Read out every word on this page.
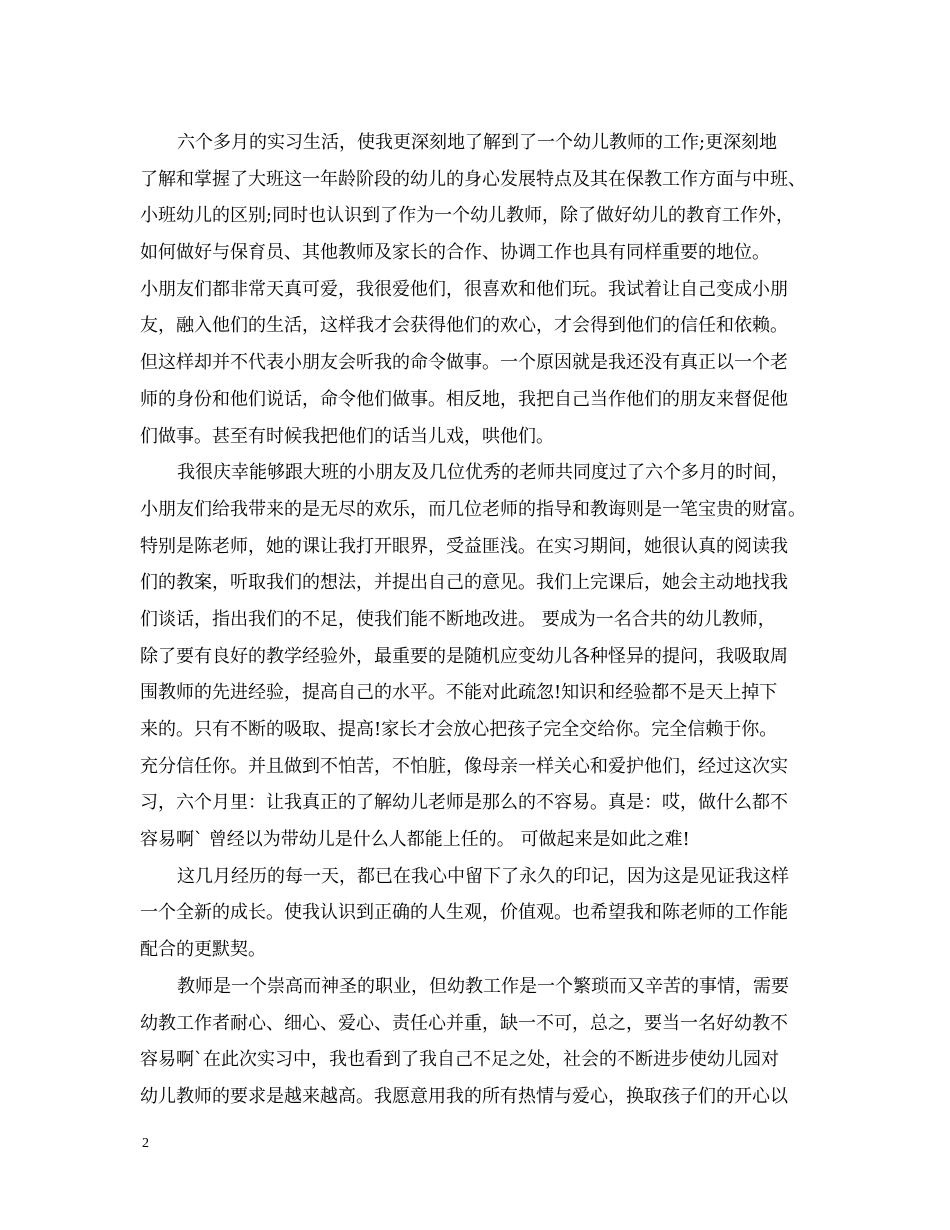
六个多月的实习生活，使我更深刻地了解到了一个幼儿教师的工作;更深刻地
了解和掌握了大班这一年龄阶段的幼儿的身心发展特点及其在保教工作方面与中班、
小班幼儿的区别;同时也认识到了作为一个幼儿教师，除了做好幼儿的教育工作外，
如何做好与保育员、其他教师及家长的合作、协调工作也具有同样重要的地位。
小朋友们都非常天真可爱，我很爱他们，很喜欢和他们玩。我试着让自己变成小朋
友，融入他们的生活，这样我才会获得他们的欢心，才会得到他们的信任和依赖。
但这样却并不代表小朋友会听我的命令做事。一个原因就是我还没有真正以一个老
师的身份和他们说话，命令他们做事。相反地，我把自己当作他们的朋友来督促他
们做事。甚至有时候我把他们的话当儿戏，哄他们。
我很庆幸能够跟大班的小朋友及几位优秀的老师共同度过了六个多月的时间，
小朋友们给我带来的是无尽的欢乐，而几位老师的指导和教诲则是一笔宝贵的财富。
特别是陈老师，她的课让我打开眼界，受益匪浅。在实习期间，她很认真的阅读我
们的教案，听取我们的想法，并提出自己的意见。我们上完课后，她会主动地找我
们谈话，指出我们的不足，使我们能不断地改进。 要成为一名合共的幼儿教师，
除了要有良好的教学经验外，最重要的是随机应变幼儿各种怪异的提问，我吸取周
围教师的先进经验，提高自己的水平。不能对此疏忽!知识和经验都不是天上掉下
来的。只有不断的吸取、提高!家长才会放心把孩子完全交给你。完全信赖于你。
充分信任你。并且做到不怕苦，不怕脏，像母亲一样关心和爱护他们，经过这次实
习，六个月里：让我真正的了解幼儿老师是那么的不容易。真是：哎，做什么都不
容易啊` 曾经以为带幼儿是什么人都能上任的。 可做起来是如此之难!
这几月经历的每一天，都已在我心中留下了永久的印记，因为这是见证我这样
一个全新的成长。使我认识到正确的人生观，价值观。也希望我和陈老师的工作能
配合的更默契。
教师是一个崇高而神圣的职业，但幼教工作是一个繁琐而又辛苦的事情，需要
幼教工作者耐心、细心、爱心、责任心并重，缺一不可，总之，要当一名好幼教不
容易啊`在此次实习中，我也看到了我自己不足之处，社会的不断进步使幼儿园对
幼儿教师的要求是越来越高。我愿意用我的所有热情与爱心，换取孩子们的开心以
2
